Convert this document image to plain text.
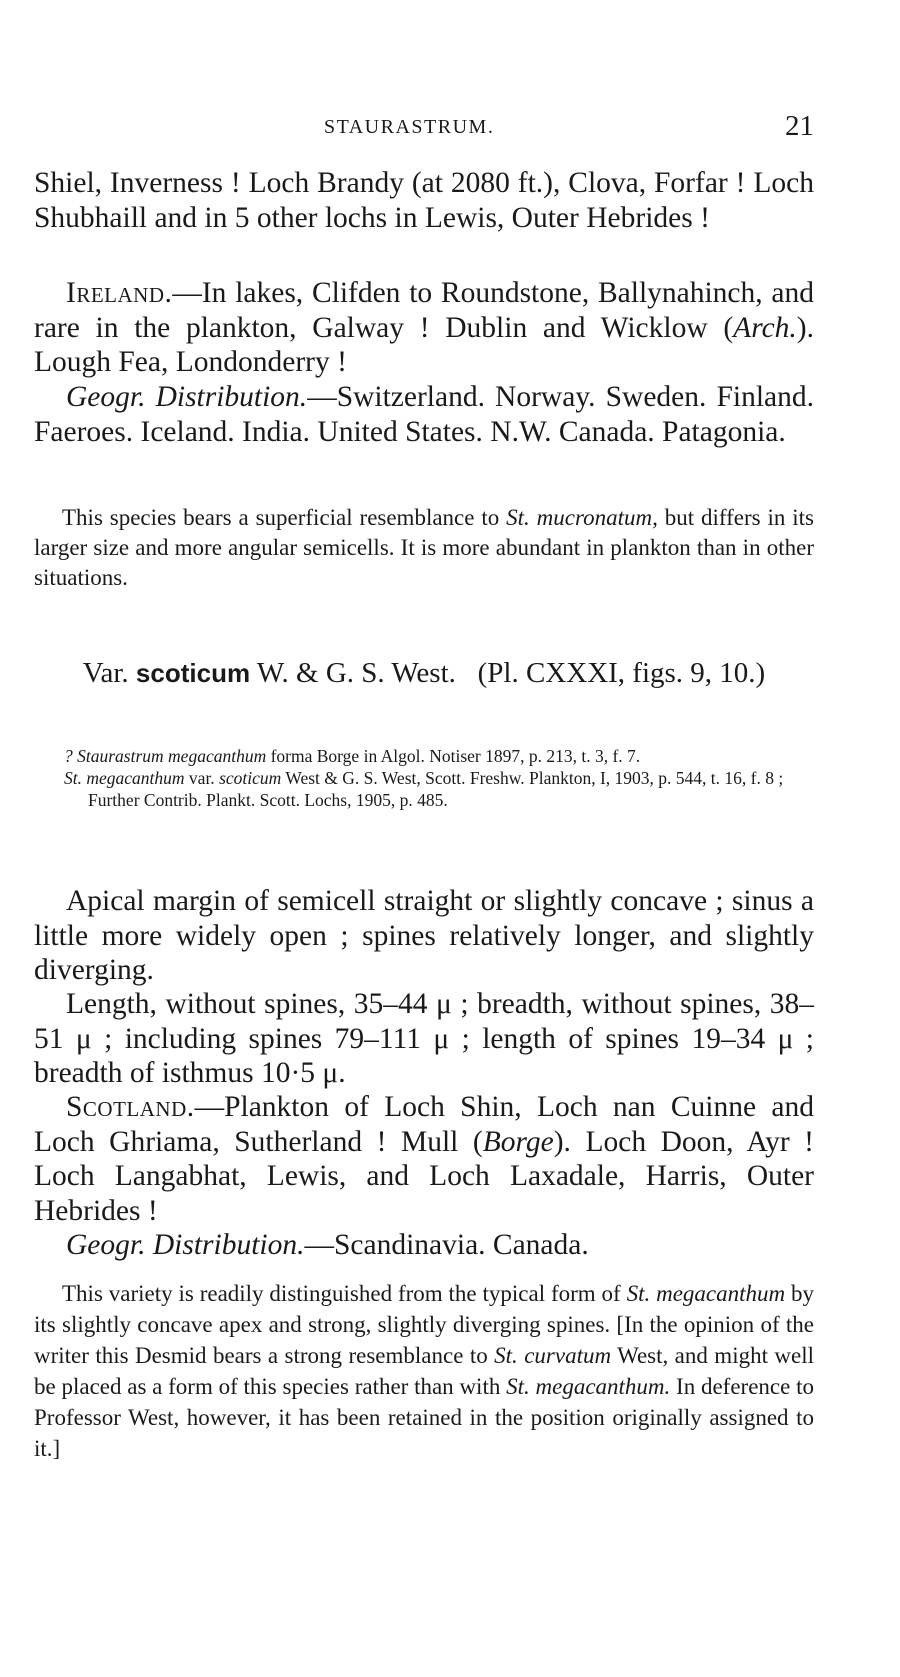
STAURASTRUM.	21

Shiel, Inverness ! Loch Brandy (at 2080 ft.), Clova, Forfar ! Loch Shubhaill and in 5 other lochs in Lewis, Outer Hebrides !

Ireland.—In lakes, Clifden to Roundstone, Ballynahinch, and rare in the plankton, Galway ! Dublin and Wicklow (Arch.). Lough Fea, Londonderry !

Geogr. Distribution.—Switzerland. Norway. Sweden. Finland. Faeroes. Iceland. India. United States. N.W. Canada. Patagonia.

This species bears a superficial resemblance to St. mucronatum, but differs in its larger size and more angular semicells. It is more abundant in plankton than in other situations.

Var. scoticum W. & G. S. West. (Pl. CXXXI, figs. 9, 10.)

? Staurastrum megacanthum forma Borge in Algol. Notiser 1897, p. 213, t. 3, f. 7.

St. megacanthum var. scoticum West & G. S. West, Scott. Freshw. Plankton, I, 1903, p. 544, t. 16, f. 8 ; Further Contrib. Plankt. Scott. Lochs, 1905, p. 485.

Apical margin of semicell straight or slightly concave ; sinus a little more widely open ; spines relatively longer, and slightly diverging.

Length, without spines, 35–44 μ ; breadth, without spines, 38–51 μ ; including spines 79–111 μ ; length of spines 19–34 μ ; breadth of isthmus 10·5 μ.

Scotland.—Plankton of Loch Shin, Loch nan Cuinne and Loch Ghriama, Sutherland ! Mull (Borge). Loch Doon, Ayr ! Loch Langabhat, Lewis, and Loch Laxadale, Harris, Outer Hebrides !

Geogr. Distribution.—Scandinavia. Canada.

This variety is readily distinguished from the typical form of St. megacanthum by its slightly concave apex and strong, slightly diverging spines. [In the opinion of the writer this Desmid bears a strong resemblance to St. curvatum West, and might well be placed as a form of this species rather than with St. megacanthum. In deference to Professor West, however, it has been retained in the position originally assigned to it.]
